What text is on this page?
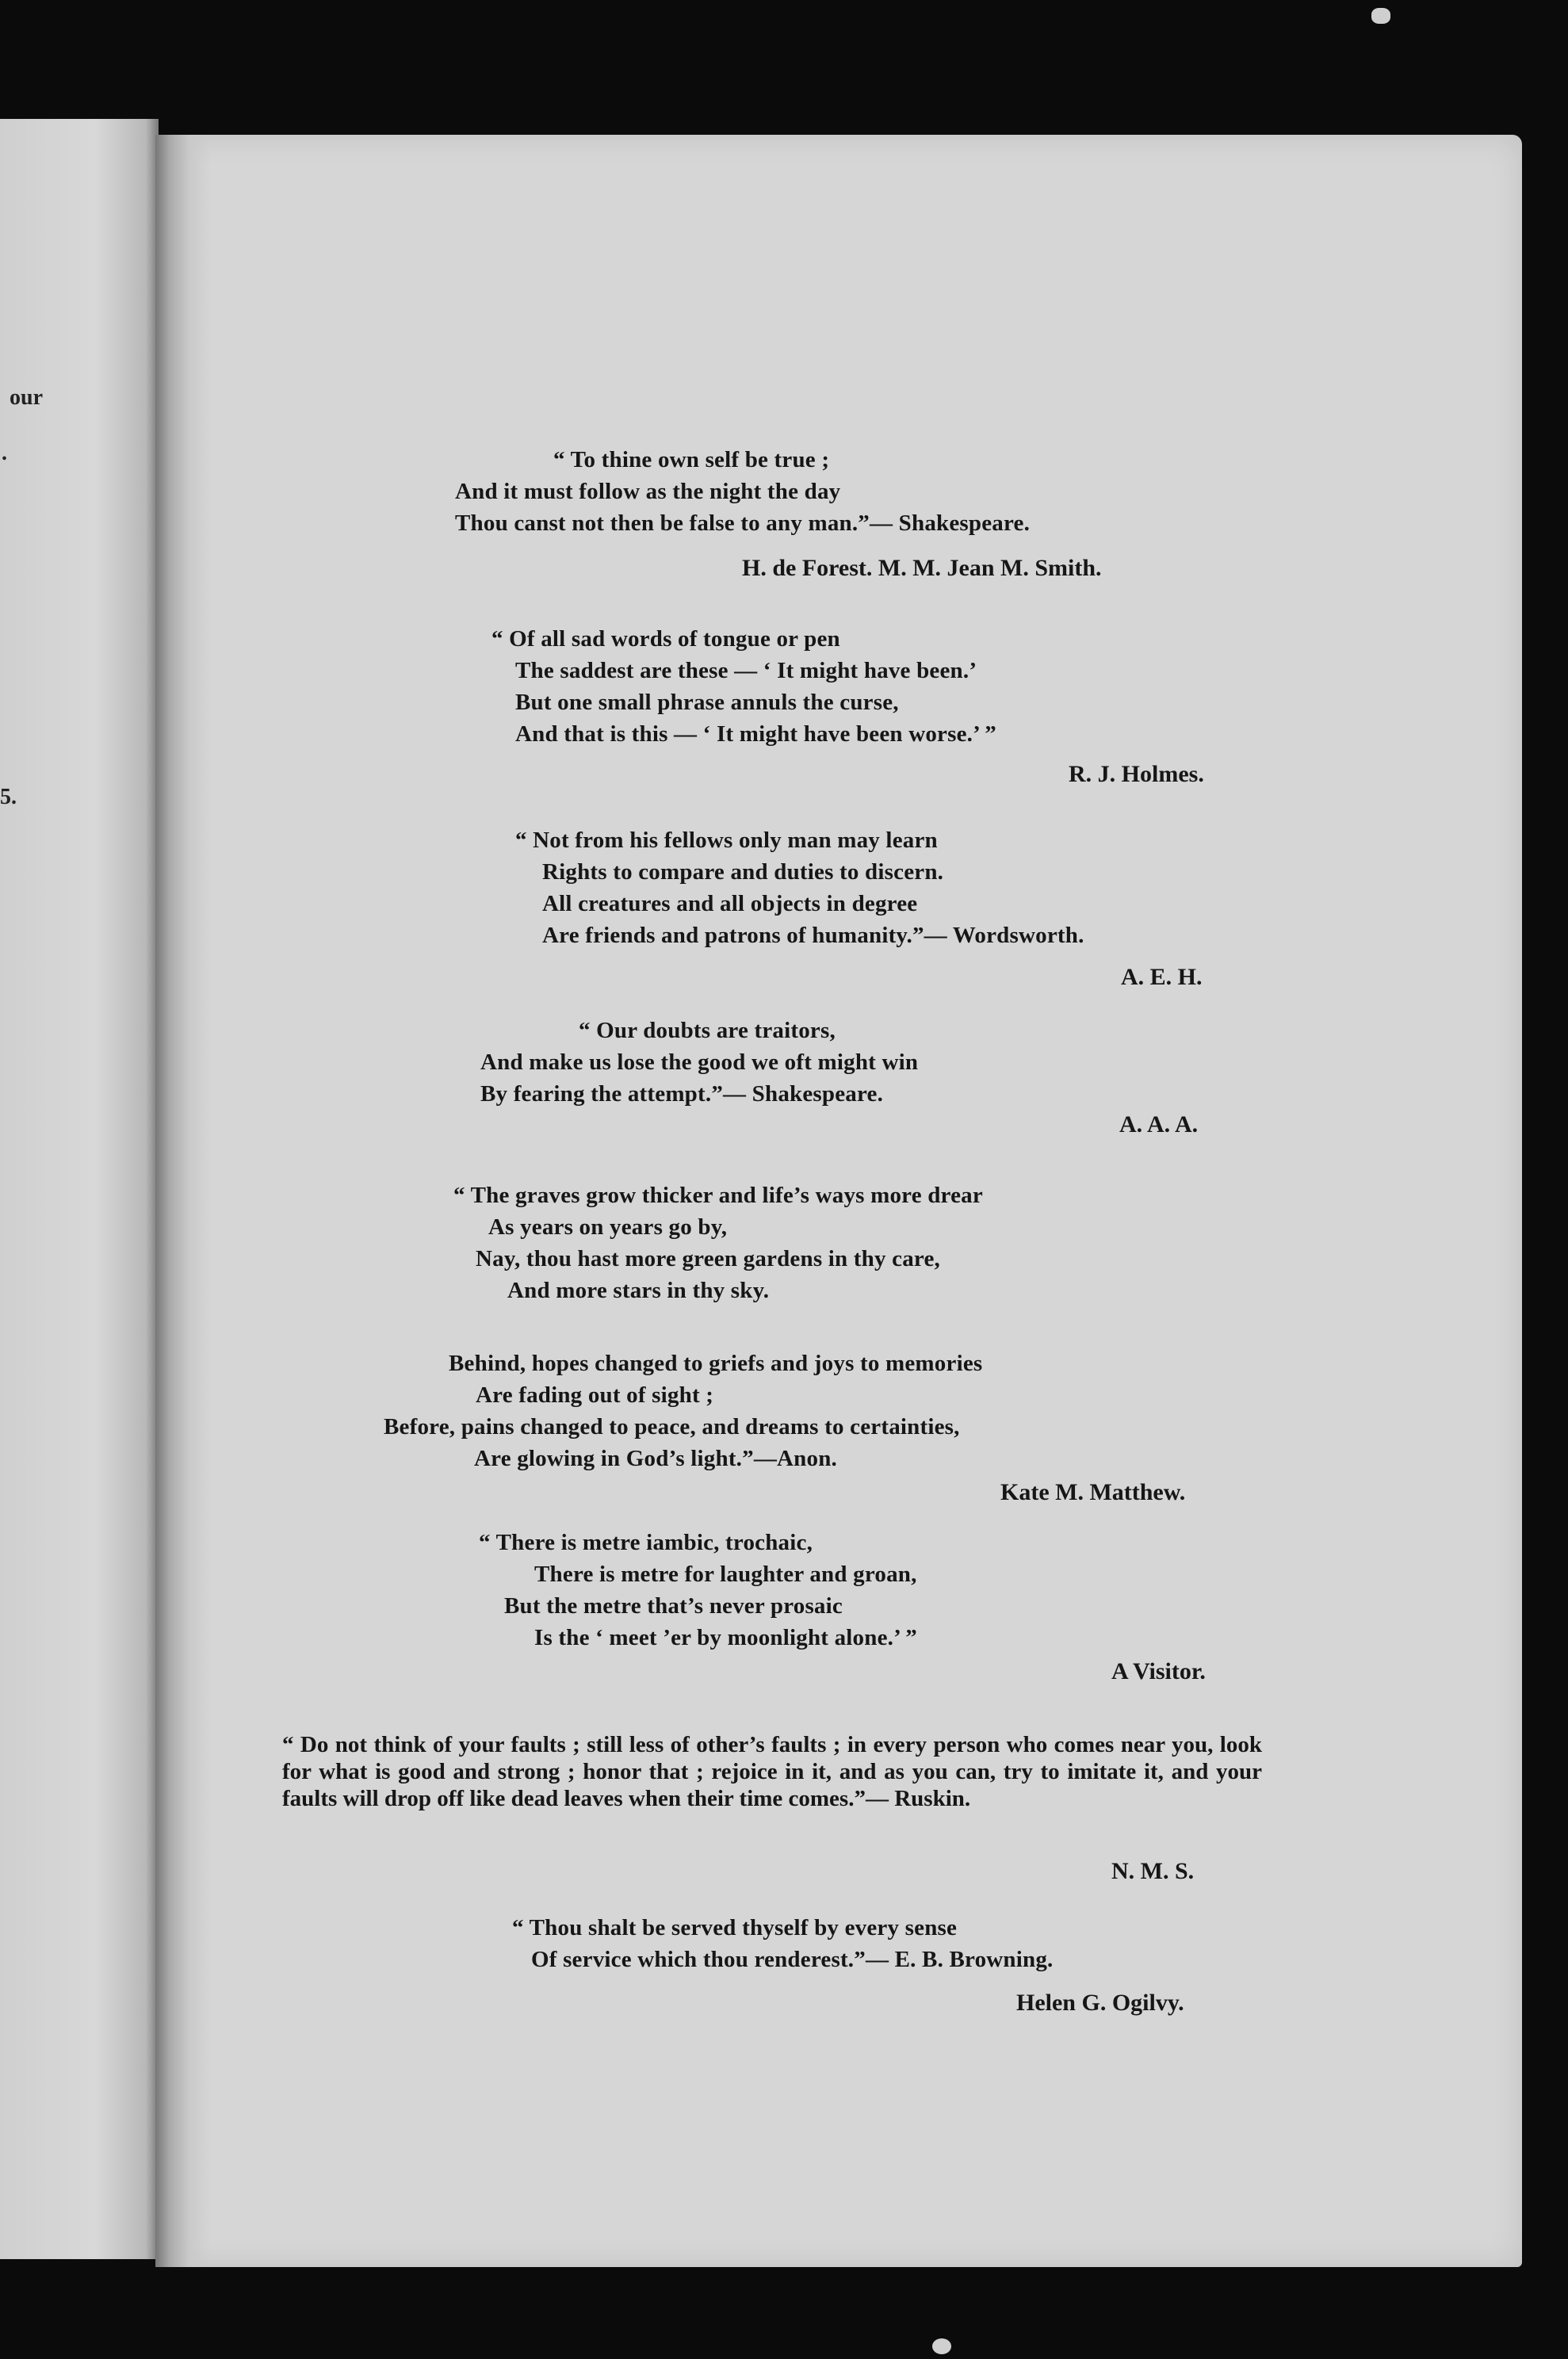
our
.
5.
“ To thine own self be true ;
And it must follow as the night the day
Thou canst not then be false to any man.”— Shakespeare.
H. de Forest. M. M. Jean M. Smith.
“ Of all sad words of tongue or pen
The saddest are these — ‘ It might have been.’
But one small phrase annuls the curse,
And that is this — ‘ It might have been worse.’ ”
R. J. Holmes.
“ Not from his fellows only man may learn
Rights to compare and duties to discern.
All creatures and all objects in degree
Are friends and patrons of humanity.”— Wordsworth.
A. E. H.
“ Our doubts are traitors,
And make us lose the good we oft might win
By fearing the attempt.”— Shakespeare.
A. A. A.
“ The graves grow thicker and life’s ways more drear
As years on years go by,
Nay, thou hast more green gardens in thy care,
And more stars in thy sky.
Behind, hopes changed to griefs and joys to memories
Are fading out of sight ;
Before, pains changed to peace, and dreams to certainties,
Are glowing in God’s light.”—Anon.
Kate M. Matthew.
“ There is metre iambic, trochaic,
There is metre for laughter and groan,
But the metre that’s never prosaic
Is the ‘ meet ’er by moonlight alone.’ ”
A Visitor.
“ Do not think of your faults ; still less of other’s faults ; in every person who comes near you, look for what is good and strong ; honor that ; rejoice in it, and as you can, try to imitate it, and your faults will drop off like dead leaves when their time comes.”— Ruskin.
N. M. S.
“ Thou shalt be served thyself by every sense
Of service which thou renderest.”— E. B. Browning.
Helen G. Ogilvy.
